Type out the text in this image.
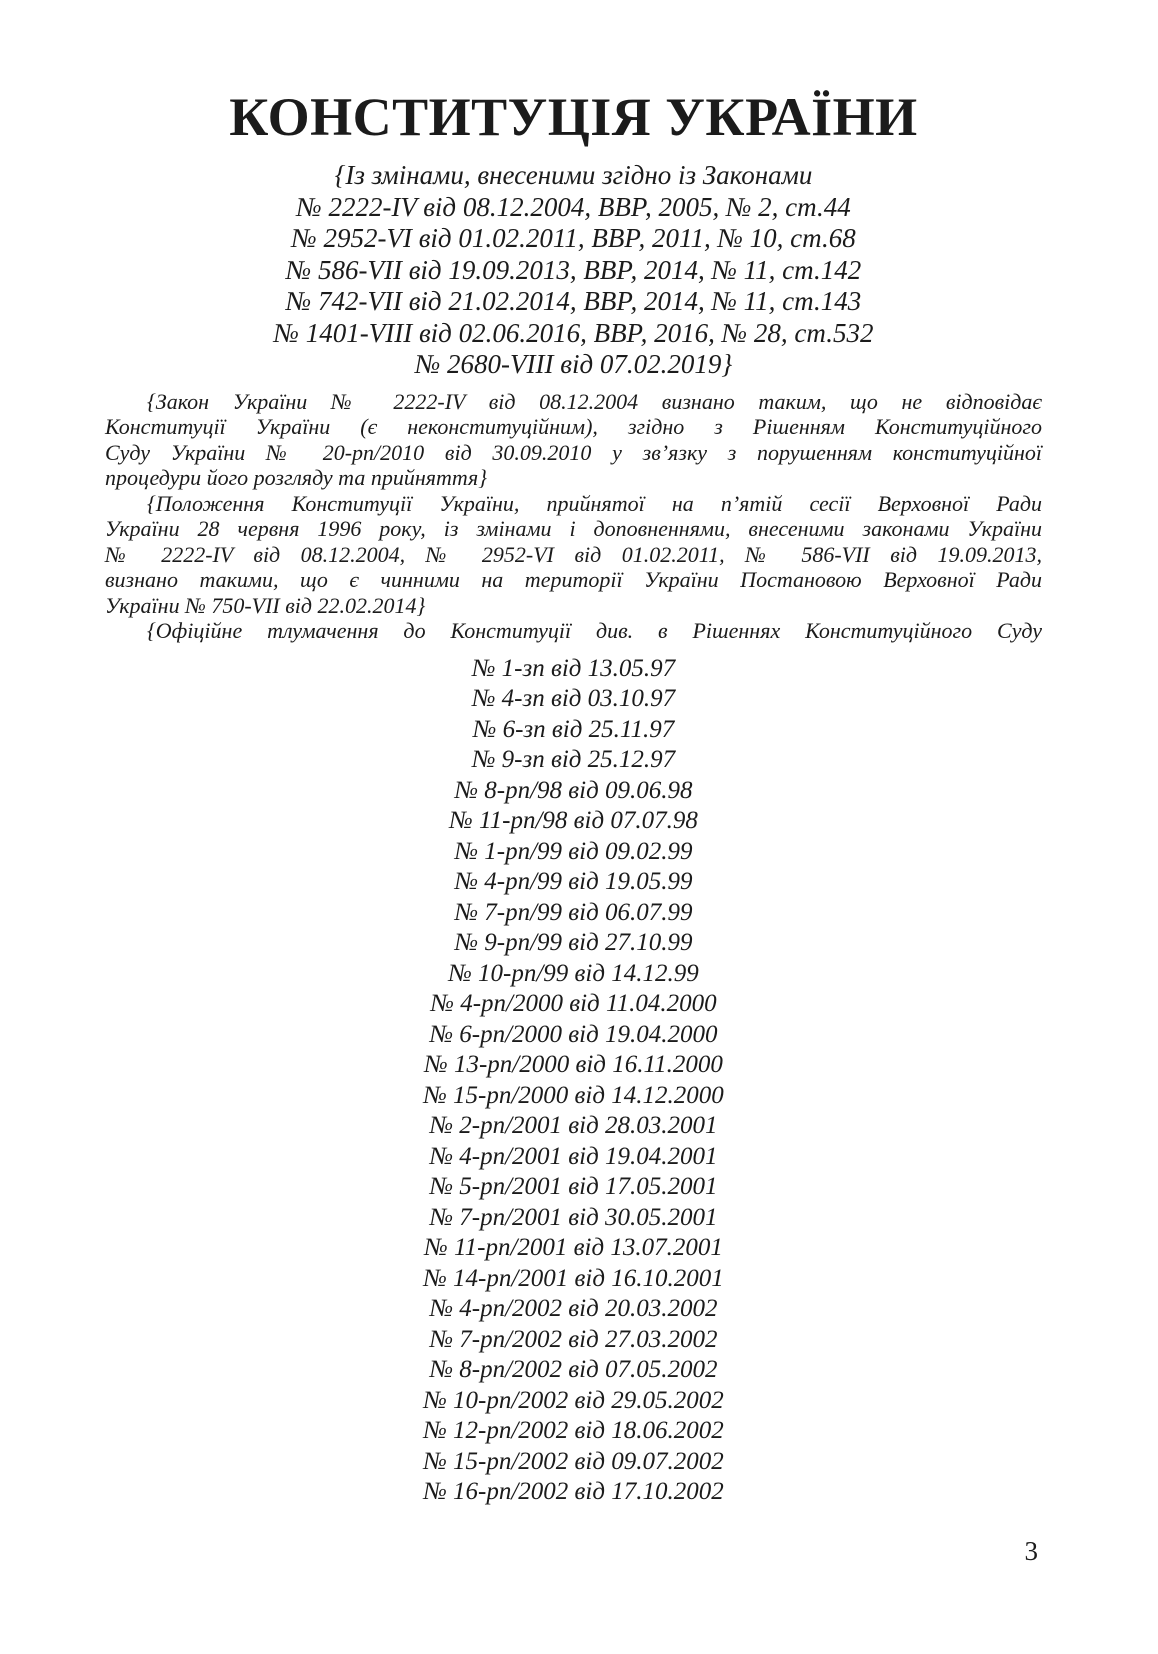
КОНСТИТУЦІЯ УКРАЇНИ
{Із змінами, внесеними згідно із Законами
№ 2222-IV від 08.12.2004, ВВР, 2005, № 2, ст.44
№ 2952-VI від 01.02.2011, ВВР, 2011, № 10, ст.68
№ 586-VII від 19.09.2013, ВВР, 2014, № 11, ст.142
№ 742-VII від 21.02.2014, ВВР, 2014, № 11, ст.143
№ 1401-VIII від 02.06.2016, ВВР, 2016, № 28, ст.532
№ 2680-VIII від 07.02.2019}
{Закон України № 2222-IV від 08.12.2004 визнано таким, що не відповідає
Конституції України (є неконституційним), згідно з Рішенням Конституційного
Суду України № 20-рп/2010 від 30.09.2010 у зв’язку з порушенням конституційної
процедури його розгляду та прийняття}
{Положення Конституції України, прийнятої на п’ятій сесії Верховної Ради
України 28 червня 1996 року, із змінами і доповненнями, внесеними законами України
№ 2222-IV від 08.12.2004, № 2952-VI від 01.02.2011, № 586-VII від 19.09.2013,
визнано такими, що є чинними на території України Постановою Верховної Ради
України № 750-VII від 22.02.2014}
{Офіційне тлумачення до Конституції див. в Рішеннях Конституційного Суду
№ 1-зп від 13.05.97
№ 4-зп від 03.10.97
№ 6-зп від 25.11.97
№ 9-зп від 25.12.97
№ 8-рп/98 від 09.06.98
№ 11-рп/98 від 07.07.98
№ 1-рп/99 від 09.02.99
№ 4-рп/99 від 19.05.99
№ 7-рп/99 від 06.07.99
№ 9-рп/99 від 27.10.99
№ 10-рп/99 від 14.12.99
№ 4-рп/2000 від 11.04.2000
№ 6-рп/2000 від 19.04.2000
№ 13-рп/2000 від 16.11.2000
№ 15-рп/2000 від 14.12.2000
№ 2-рп/2001 від 28.03.2001
№ 4-рп/2001 від 19.04.2001
№ 5-рп/2001 від 17.05.2001
№ 7-рп/2001 від 30.05.2001
№ 11-рп/2001 від 13.07.2001
№ 14-рп/2001 від 16.10.2001
№ 4-рп/2002 від 20.03.2002
№ 7-рп/2002 від 27.03.2002
№ 8-рп/2002 від 07.05.2002
№ 10-рп/2002 від 29.05.2002
№ 12-рп/2002 від 18.06.2002
№ 15-рп/2002 від 09.07.2002
№ 16-рп/2002 від 17.10.2002
3
